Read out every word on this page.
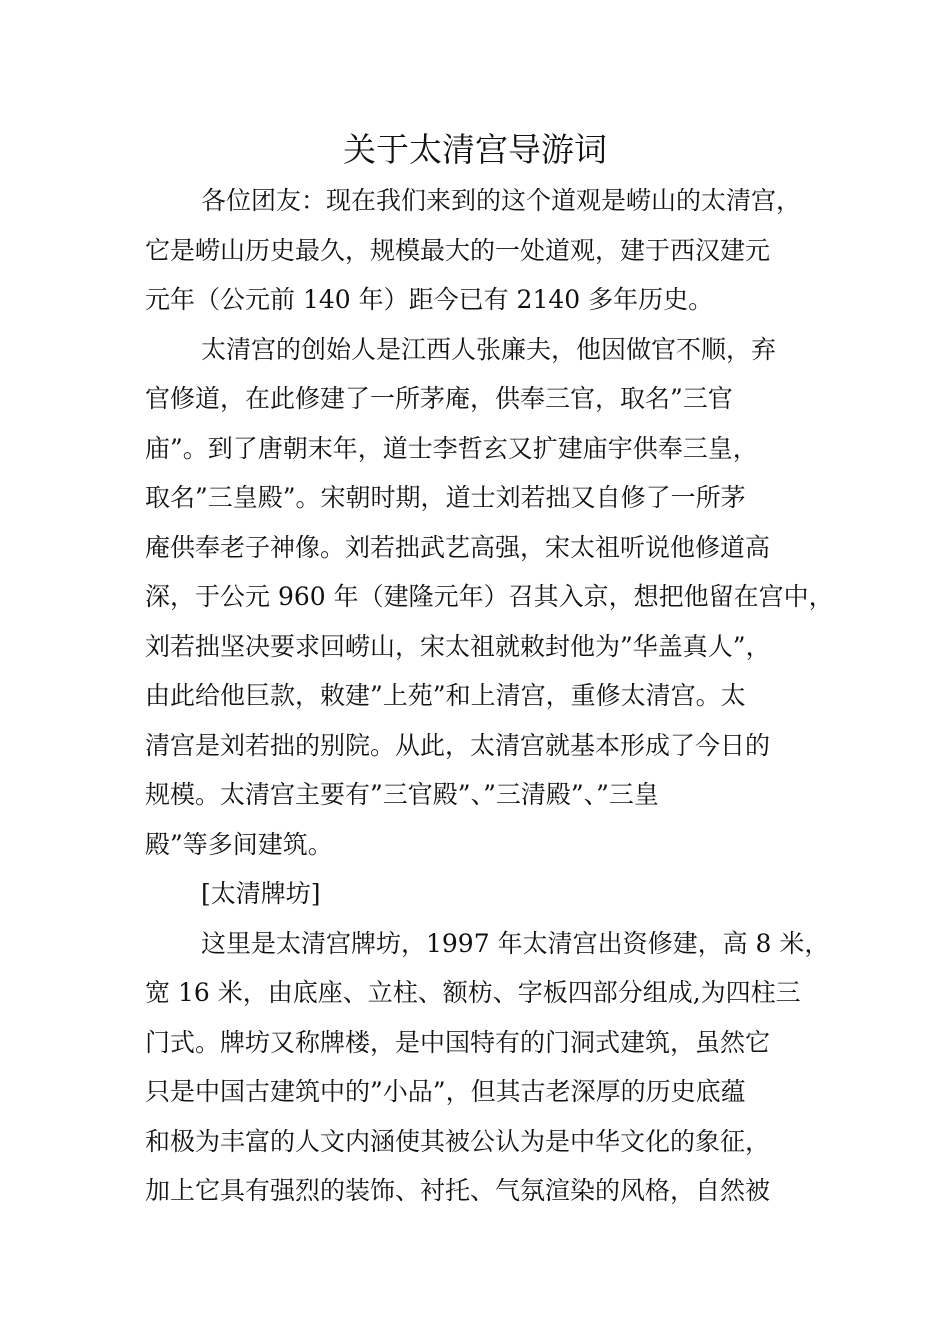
关于太清宫导游词
各位团友：现在我们来到的这个道观是崂山的太清宫，
它是崂山历史最久，规模最大的一处道观，建于西汉建元
元年（公元前 140 年）距今已有 2140 多年历史。
太清宫的创始人是江西人张廉夫，他因做官不顺，弃
官修道，在此修建了一所茅庵，供奉三官，取名”三官
庙”。到了唐朝末年，道士李哲玄又扩建庙宇供奉三皇，
取名”三皇殿”。宋朝时期，道士刘若拙又自修了一所茅
庵供奉老子神像。刘若拙武艺高强，宋太祖听说他修道高
深，于公元 960 年（建隆元年）召其入京，想把他留在宫中，
刘若拙坚决要求回崂山，宋太祖就敕封他为”华盖真人”，
由此给他巨款，敕建”上苑”和上清宫，重修太清宫。太
清宫是刘若拙的别院。从此，太清宫就基本形成了今日的
规模。太清宫主要有”三官殿”、”三清殿”、”三皇
殿”等多间建筑。
[太清牌坊]
这里是太清宫牌坊，1997 年太清宫出资修建，高 8 米，
宽 16 米，由底座、立柱、额枋、字板四部分组成,为四柱三
门式。牌坊又称牌楼，是中国特有的门洞式建筑，虽然它
只是中国古建筑中的”小品”，但其古老深厚的历史底蕴
和极为丰富的人文内涵使其被公认为是中华文化的象征，
加上它具有强烈的装饰、衬托、气氛渲染的风格，自然被
